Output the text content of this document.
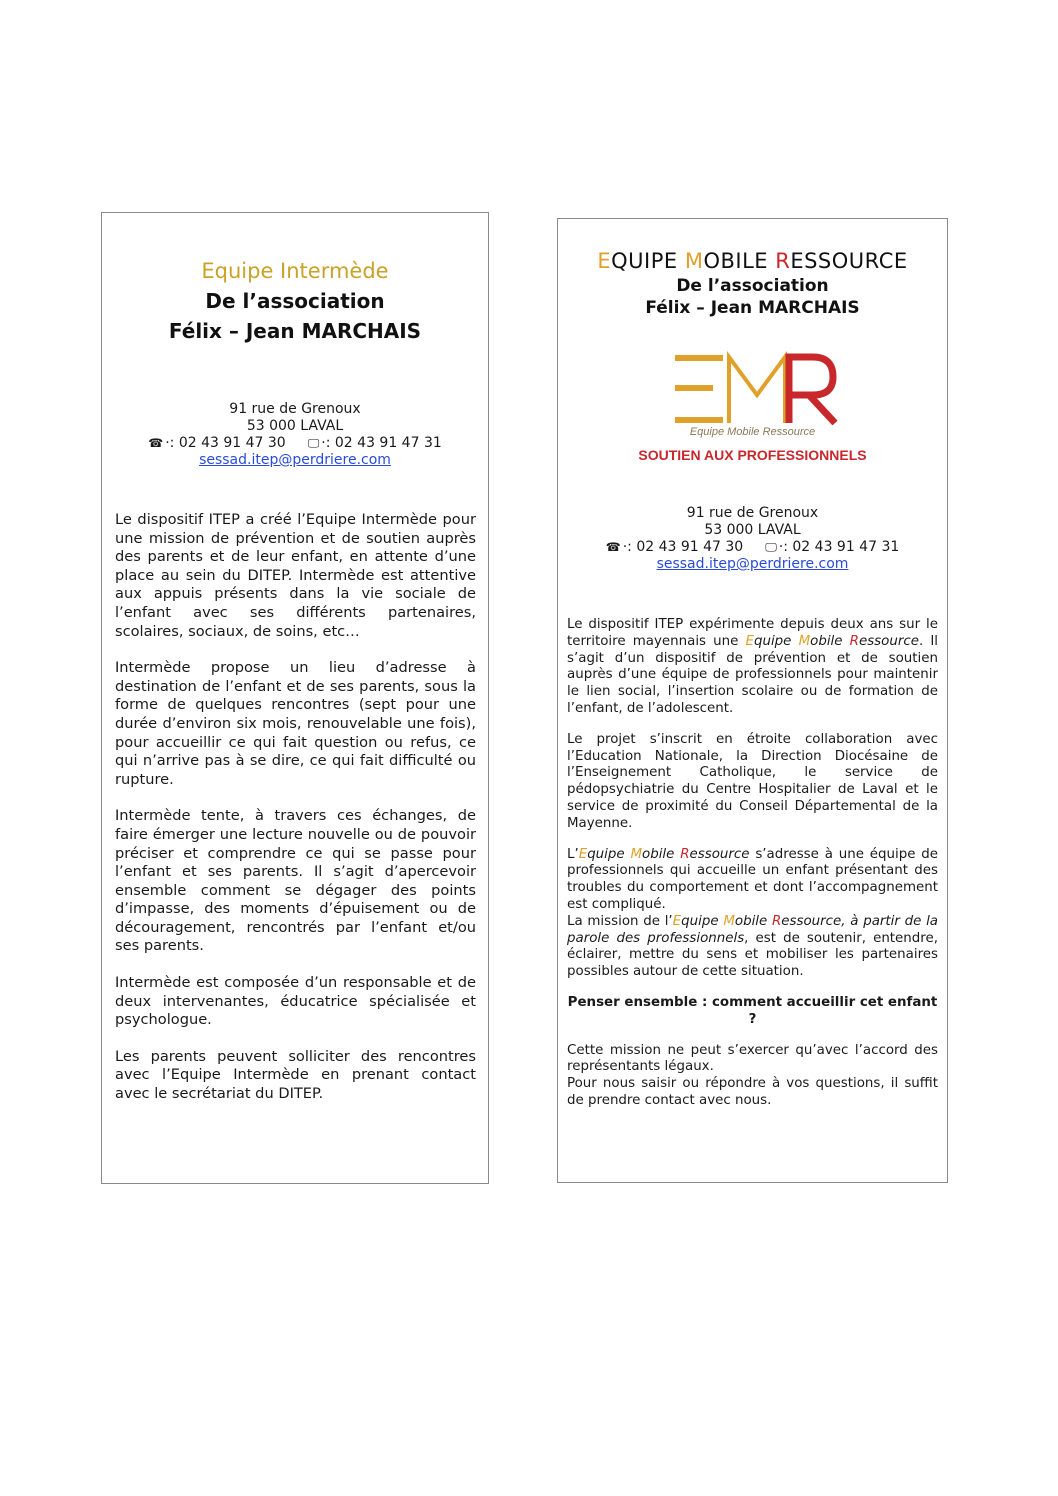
Equipe Intermède
De l’association
Félix – Jean MARCHAIS
91 rue de Grenoux
53 000 LAVAL
☎ ·: 02 43 91 47 30 🖵 ·: 02 43 91 47 31
sessad.itep@perdriere.com

Le dispositif ITEP a créé l’Equipe Intermède pour une mission de prévention et de soutien auprès des parents et de leur enfant, en attente d’une place au sein du DITEP. Intermède est attentive aux appuis présents dans la vie sociale de l’enfant avec ses différents partenaires, scolaires, sociaux, de soins, etc…

Intermède propose un lieu d’adresse à destination de l’enfant et de ses parents, sous la forme de quelques rencontres (sept pour une durée d’environ six mois, renouvelable une fois), pour accueillir ce qui fait question ou refus, ce qui n’arrive pas à se dire, ce qui fait difficulté ou rupture.

Intermède tente, à travers ces échanges, de faire émerger une lecture nouvelle ou de pouvoir préciser et comprendre ce qui se passe pour l’enfant et ses parents. Il s’agit d’apercevoir ensemble comment se dégager des points d’impasse, des moments d’épuisement ou de découragement, rencontrés par l’enfant et/ou ses parents.

Intermède est composée d’un responsable et de deux intervenantes, éducatrice spécialisée et psychologue.

Les parents peuvent solliciter des rencontres avec l’Equipe Intermède en prenant contact avec le secrétariat du DITEP.

EQUIPE MOBILE RESSOURCE
De l’association
Félix – Jean MARCHAIS
Equipe Mobile Ressource
SOUTIEN AUX PROFESSIONNELS
91 rue de Grenoux
53 000 LAVAL
☎ ·: 02 43 91 47 30 🖵 ·: 02 43 91 47 31
sessad.itep@perdriere.com

Le dispositif ITEP expérimente depuis deux ans sur le territoire mayennais une Equipe Mobile Ressource. Il s’agit d’un dispositif de prévention et de soutien auprès d’une équipe de professionnels pour maintenir le lien social, l’insertion scolaire ou de formation de l’enfant, de l’adolescent.

Le projet s’inscrit en étroite collaboration avec l’Education Nationale, la Direction Diocésaine de l’Enseignement Catholique, le service de pédopsychiatrie du Centre Hospitalier de Laval et le service de proximité du Conseil Départemental de la Mayenne.

L’Equipe Mobile Ressource s’adresse à une équipe de professionnels qui accueille un enfant présentant des troubles du comportement et dont l’accompagnement est compliqué.

La mission de l’Equipe Mobile Ressource, à partir de la parole des professionnels, est de soutenir, entendre, éclairer, mettre du sens et mobiliser les partenaires possibles autour de cette situation.

Penser ensemble : comment accueillir cet enfant ?

Cette mission ne peut s’exercer qu’avec l’accord des représentants légaux.

Pour nous saisir ou répondre à vos questions, il suffit de prendre contact avec nous.
